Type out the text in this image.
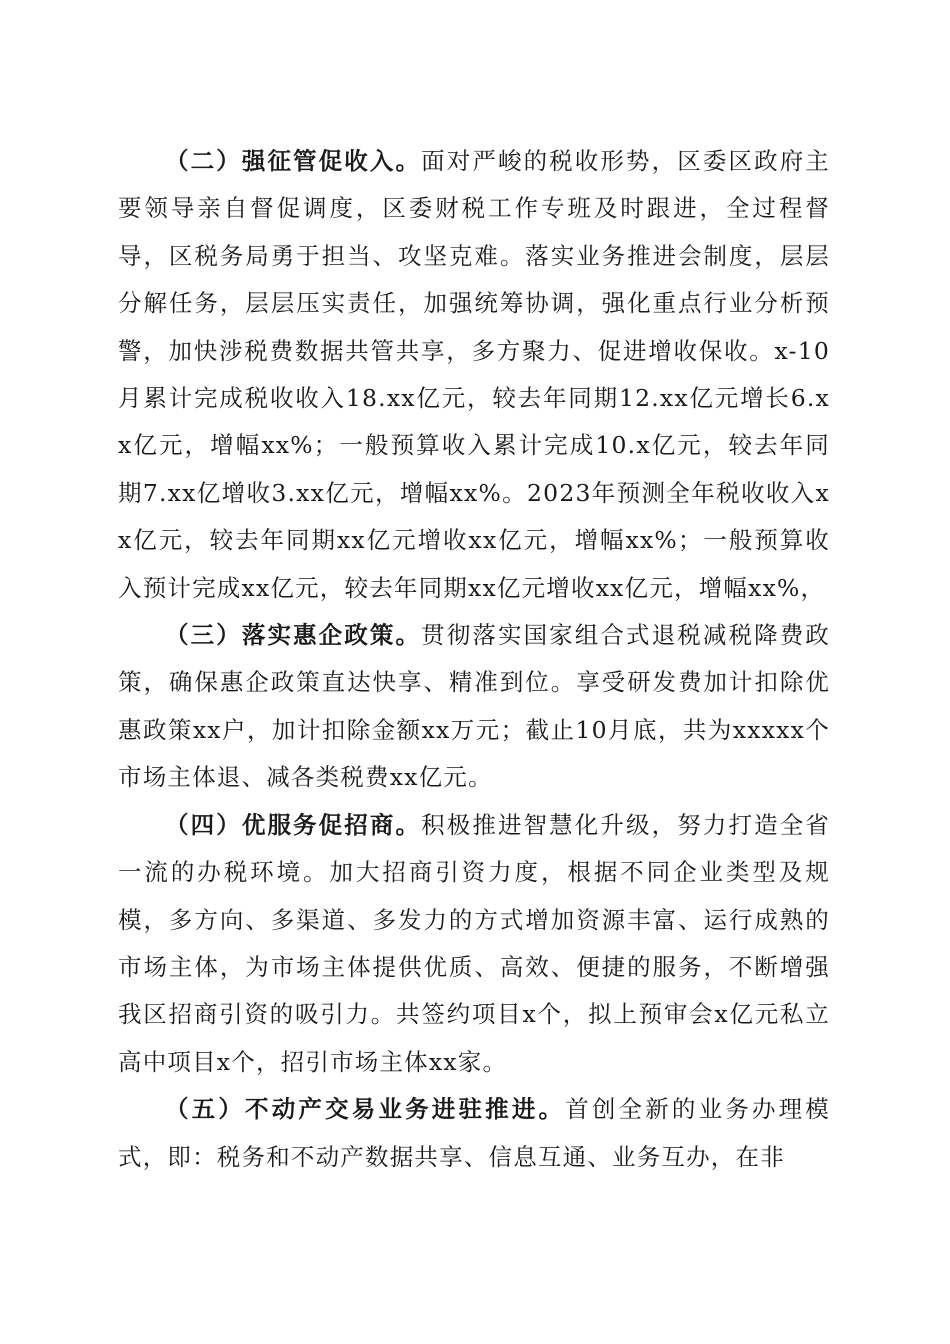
（二）强征管促收入。面对严峻的税收形势，区委区政府主要领导亲自督促调度，区委财税工作专班及时跟进，全过程督导，区税务局勇于担当、攻坚克难。落实业务推进会制度，层层分解任务，层层压实责任，加强统筹协调，强化重点行业分析预警，加快涉税费数据共管共享，多方聚力、促进增收保收。x-10月累计完成税收收入18.xx亿元，较去年同期12.xx亿元增长6.xx亿元，增幅xx%；一般预算收入累计完成10.x亿元，较去年同期7.xx亿增收3.xx亿元，增幅xx%。2023年预测全年税收收入xx亿元，较去年同期xx亿元增收xx亿元，增幅xx%；一般预算收入预计完成xx亿元，较去年同期xx亿元增收xx亿元，增幅xx%，

（三）落实惠企政策。贯彻落实国家组合式退税减税降费政策，确保惠企政策直达快享、精准到位。享受研发费加计扣除优惠政策xx户，加计扣除金额xx万元；截止10月底，共为xxxxx个市场主体退、减各类税费xx亿元。

（四）优服务促招商。积极推进智慧化升级，努力打造全省一流的办税环境。加大招商引资力度，根据不同企业类型及规模，多方向、多渠道、多发力的方式增加资源丰富、运行成熟的市场主体，为市场主体提供优质、高效、便捷的服务，不断增强我区招商引资的吸引力。共签约项目x个，拟上预审会x亿元私立高中项目x个，招引市场主体xx家。

（五）不动产交易业务进驻推进。首创全新的业务办理模式，即：税务和不动产数据共享、信息互通、业务互办，在非
